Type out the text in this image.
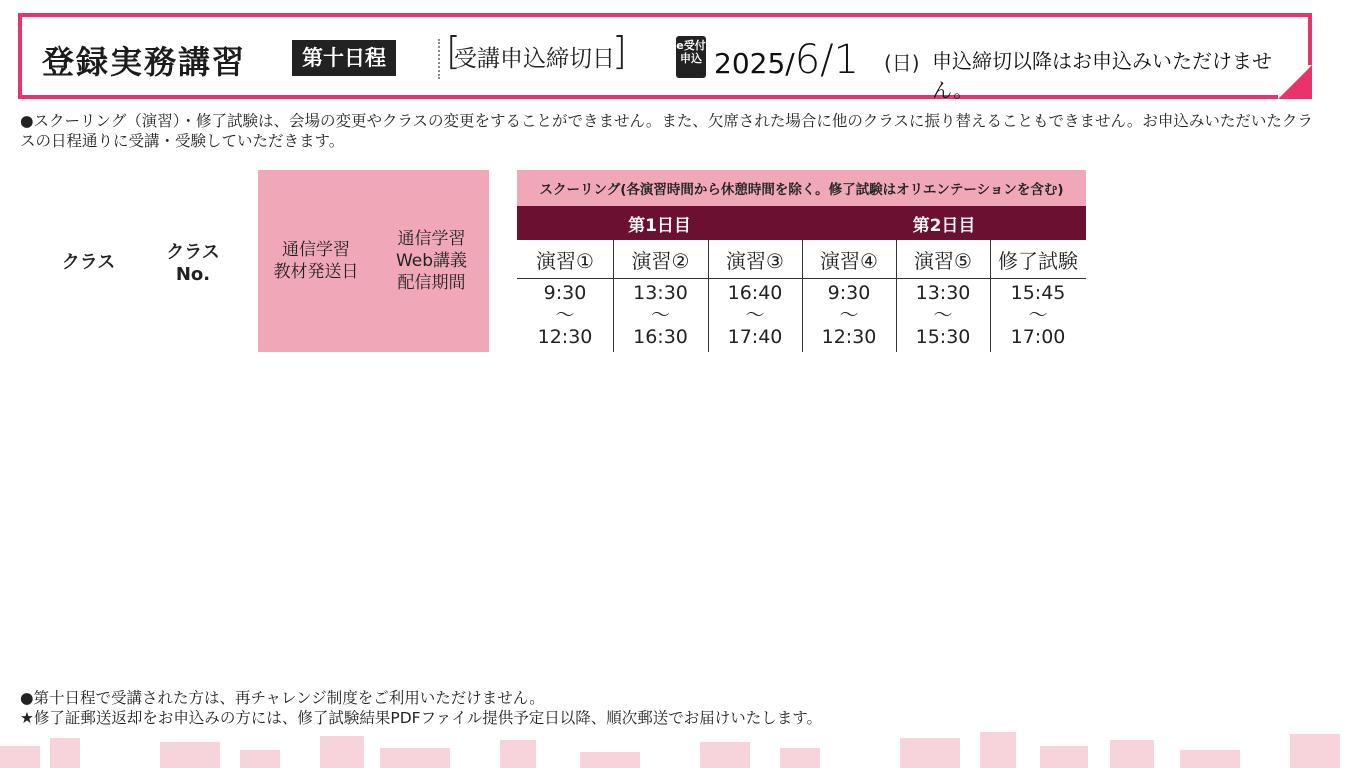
登録実務講習	第十日程
[	受講申込締切日 ]
e受付
申込 2025/6/1 (日) 申込締切以降はお申込みいただけません。
●スクーリング（演習）・修了試験は、会場の変更やクラスの変更をすることができません。また、欠席された場合に他のクラスに振り替えることもできません。お申込みいただいたクラスの日程通りに受講・受験していただきます。
クラス	クラス
No.
通信学習
教材発送日
通信学習
Web講義
配信期間
スクーリング(各演習時間から休憩時間を除く。修了試験はオリエンテーションを含む)
第1日目	第2日目
演習①
9:30
〜
12:30
演習②
13:30
〜
16:30
演習③
16:40
〜
17:40
演習④
9:30
〜
12:30
演習⑤
13:30
〜
15:30
修了試験
15:45
〜
17:00
●第十日程で受講された方は、再チャレンジ制度をご利用いただけません。
★修了証郵送返却をお申込みの方には、修了試験結果PDFファイル提供予定日以降、順次郵送でお届けいたします。
